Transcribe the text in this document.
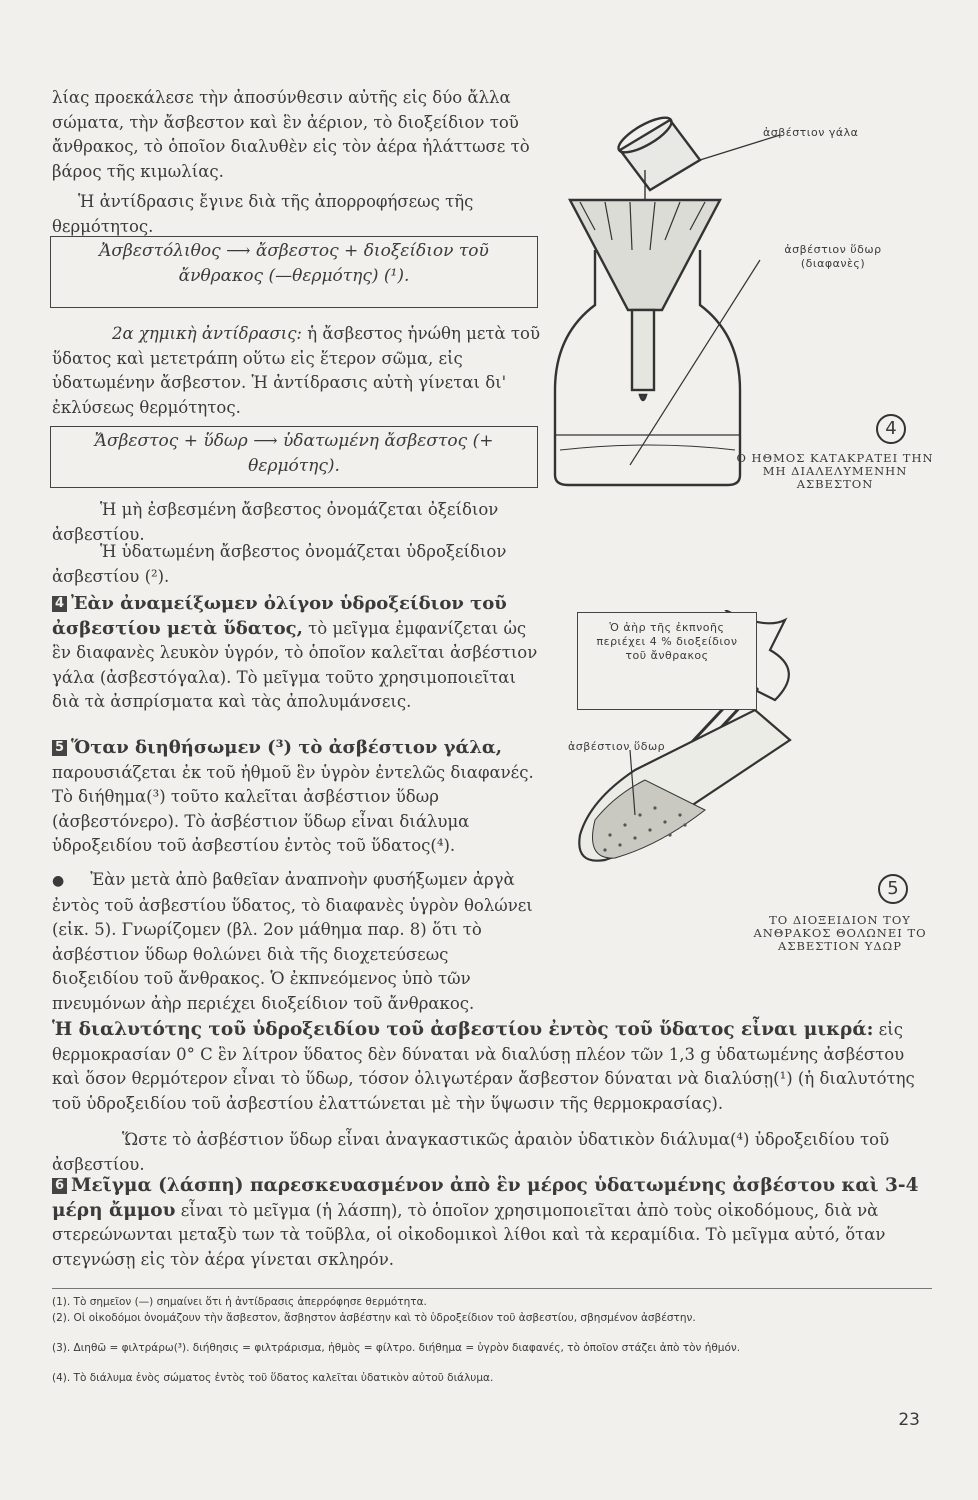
λίας προεκάλεσε τὴν ἀποσύνθεσιν αὐτῆς εἰς δύο ἄλλα σώματα, τὴν ἄσβεστον καὶ ἓν ἀέριον, τὸ διοξείδιον τοῦ ἄνθρακος, τὸ ὁποῖον διαλυθὲν εἰς τὸν ἀέρα ἠλάττωσε τὸ βάρος τῆς κιμωλίας.

Ἡ ἀντίδρασις ἔγινε διὰ τῆς ἀπορροφήσεως τῆς θερμότητος.

Ἀσβεστόλιθος ⟶ ἄσβεστος + διοξείδιον τοῦ ἄνθρακος (—θερμότης) (¹).

2α χημικὴ ἀντίδρασις: ἡ ἄσβεστος ἡνώθη μετὰ τοῦ ὕδατος καὶ μετετράπη οὕτω εἰς ἕτερον σῶμα, εἰς ὑδατωμένην ἄσβεστον. Ἡ ἀντίδρασις αὐτὴ γίνεται δι' ἐκλύσεως θερμότητος.

Ἄσβεστος + ὕδωρ ⟶ ὑδατωμένη ἄσβεστος (+ θερμότης).

Ἡ μὴ ἐσβεσμένη ἄσβεστος ὀνομάζεται ὀξείδιον ἀσβεστίου.

Ἡ ὑδατωμένη ἄσβεστος ὀνομάζεται ὑδροξείδιον ἀσβεστίου (²).

4 Ἐὰν ἀναμείξωμεν ὀλίγον ὑδροξείδιον τοῦ ἀσβεστίου μετὰ ὕδατος, τὸ μεῖγμα ἐμφανίζεται ὡς ἓν διαφανὲς λευκὸν ὑγρόν, τὸ ὁποῖον καλεῖται ἀσβέστιον γάλα (ἀσβεστόγαλα). Τὸ μεῖγμα τοῦτο χρησιμοποιεῖται διὰ τὰ ἀσπρίσματα καὶ τὰς ἀπολυμάνσεις.

5 Ὅταν διηθήσωμεν (³) τὸ ἀσβέστιον γάλα, παρουσιάζεται ἐκ τοῦ ἠθμοῦ ἓν ὑγρὸν ἐντελῶς διαφανές. Τὸ διήθημα(³) τοῦτο καλεῖται ἀσβέστιον ὕδωρ (ἀσβεστόνερο). Τὸ ἀσβέστιον ὕδωρ εἶναι διάλυμα ὑδροξειδίου τοῦ ἀσβεστίου ἐντὸς τοῦ ὕδατος(⁴).

● Ἐὰν μετὰ ἀπὸ βαθεῖαν ἀναπνοὴν φυσήξωμεν ἀργὰ ἐντὸς τοῦ ἀσβεστίου ὕδατος, τὸ διαφανὲς ὑγρὸν θολώνει (εἰκ. 5). Γνωρίζομεν (βλ. 2ον μάθημα παρ. 8) ὅτι τὸ ἀσβέστιον ὕδωρ θολώνει διὰ τῆς διοχετεύσεως διοξειδίου τοῦ ἄνθρακος. Ὁ ἐκπνεόμενος ὑπὸ τῶν πνευμόνων ἀὴρ περιέχει διοξείδιον τοῦ ἄνθρακος.

ἀσβέστιον γάλα
ἀσβέστιον ὕδωρ (διαφανὲς)
4
Ο ΗΘΜΟΣ ΚΑΤΑΚΡΑΤΕΙ ΤΗΝ ΜΗ ΔΙΑΛΕΛΥΜΕΝΗΝ ΑΣΒΕΣΤΟΝ
Ὁ ἀὴρ τῆς ἐκπνοῆς περιέχει 4 % διοξείδιον τοῦ ἄνθρακος
ἀσβέστιον ὕδωρ
5
ΤΟ ΔΙΟΞΕΙΔΙΟΝ ΤΟΥ ΑΝΘΡΑΚΟΣ ΘΟΛΩΝΕΙ ΤΟ ΑΣΒΕΣΤΙΟΝ ΥΔΩΡ

Ἡ διαλυτότης τοῦ ὑδροξειδίου τοῦ ἀσβεστίου ἐντὸς τοῦ ὕδατος εἶναι μικρά: εἰς θερμοκρασίαν 0° C ἓν λίτρον ὕδατος δὲν δύναται νὰ διαλύσῃ πλέον τῶν 1,3 g ὑδατωμένης ἀσβέστου καὶ ὅσον θερμότερον εἶναι τὸ ὕδωρ, τόσον ὀλιγωτέραν ἄσβεστον δύναται νὰ διαλύσῃ(¹) (ἡ διαλυτότης τοῦ ὑδροξειδίου τοῦ ἀσβεστίου ἐλαττώνεται μὲ τὴν ὕψωσιν τῆς θερμοκρασίας).

Ὥστε τὸ ἀσβέστιον ὕδωρ εἶναι ἀναγκαστικῶς ἀραιὸν ὑδατικὸν διάλυμα(⁴) ὑδροξειδίου τοῦ ἀσβεστίου.

6 Μεῖγμα (λάσπη) παρεσκευασμένον ἀπὸ ἓν μέρος ὑδατωμένης ἀσβέστου καὶ 3-4 μέρη ἄμμου εἶναι τὸ μεῖγμα (ἡ λάσπη), τὸ ὁποῖον χρησιμοποιεῖται ἀπὸ τοὺς οἰκοδόμους, διὰ νὰ στερεώνωνται μεταξὺ των τὰ τοῦβλα, οἱ οἰκοδομικοὶ λίθοι καὶ τὰ κεραμίδια. Τὸ μεῖγμα αὐτό, ὅταν στεγνώσῃ εἰς τὸν ἀέρα γίνεται σκληρόν.

(1). Τὸ σημεῖον (—) σημαίνει ὅτι ἡ ἀντίδρασις ἀπερρόφησε θερμότητα.
(2). Οἱ οἰκοδόμοι ὀνομάζουν τὴν ἄσβεστον, ἄσβηστον ἀσβέστην καὶ τὸ ὑδροξείδιον τοῦ ἀσβεστίου, σβησμένον ἀσβέστην.
(3). Διηθῶ = φιλτράρω(³). διήθησις = φιλτράρισμα, ἠθμὸς = φίλτρο. διήθημα = ὑγρὸν διαφανές, τὸ ὁποῖον στάζει ἀπὸ τὸν ἠθμόν.
(4). Τὸ διάλυμα ἑνὸς σώματος ἐντὸς τοῦ ὕδατος καλεῖται ὑδατικὸν αὐτοῦ διάλυμα.
23
